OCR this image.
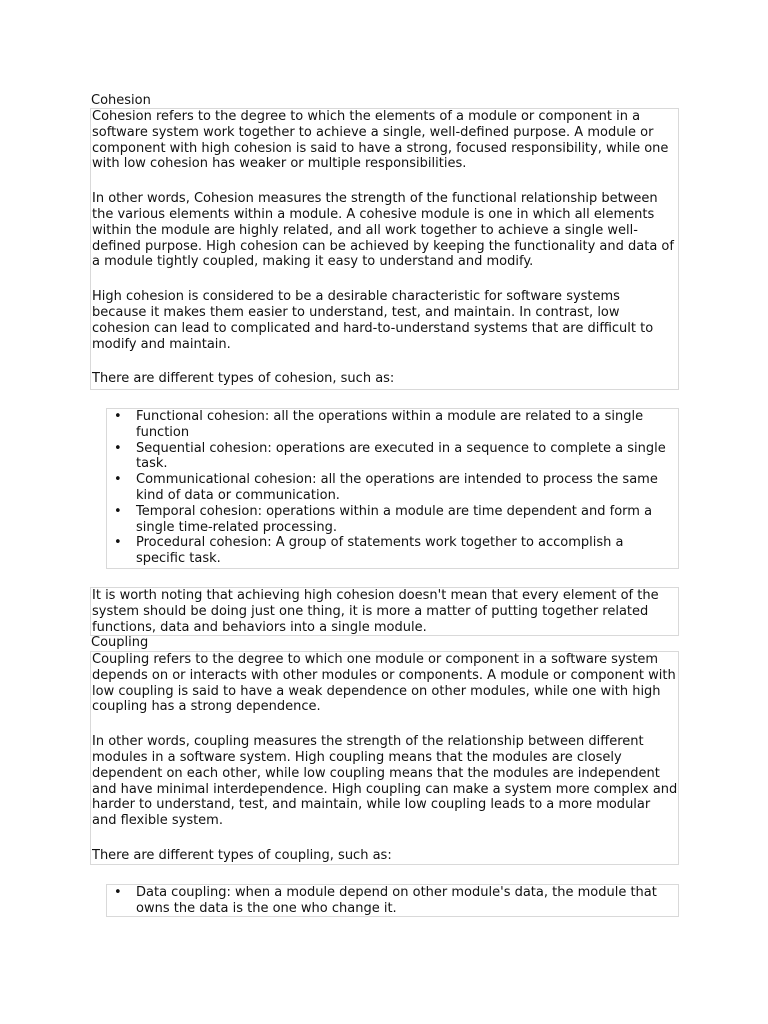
Cohesion

Cohesion refers to the degree to which the elements of a module or component in a software system work together to achieve a single, well-defined purpose. A module or component with high cohesion is said to have a strong, focused responsibility, while one with low cohesion has weaker or multiple responsibilities.

In other words, Cohesion measures the strength of the functional relationship between the various elements within a module. A cohesive module is one in which all elements within the module are highly related, and all work together to achieve a single well-defined purpose. High cohesion can be achieved by keeping the functionality and data of a module tightly coupled, making it easy to understand and modify.

High cohesion is considered to be a desirable characteristic for software systems because it makes them easier to understand, test, and maintain. In contrast, low cohesion can lead to complicated and hard-to-understand systems that are difficult to modify and maintain.

There are different types of cohesion, such as:

• Functional cohesion: all the operations within a module are related to a single function
• Sequential cohesion: operations are executed in a sequence to complete a single task.
• Communicational cohesion: all the operations are intended to process the same kind of data or communication.
• Temporal cohesion: operations within a module are time dependent and form a single time-related processing.
• Procedural cohesion: A group of statements work together to accomplish a specific task.

It is worth noting that achieving high cohesion doesn't mean that every element of the system should be doing just one thing, it is more a matter of putting together related functions, data and behaviors into a single module.

Coupling

Coupling refers to the degree to which one module or component in a software system depends on or interacts with other modules or components. A module or component with low coupling is said to have a weak dependence on other modules, while one with high coupling has a strong dependence.

In other words, coupling measures the strength of the relationship between different modules in a software system. High coupling means that the modules are closely dependent on each other, while low coupling means that the modules are independent and have minimal interdependence. High coupling can make a system more complex and harder to understand, test, and maintain, while low coupling leads to a more modular and flexible system.

There are different types of coupling, such as:

• Data coupling: when a module depend on other module's data, the module that owns the data is the one who change it.
